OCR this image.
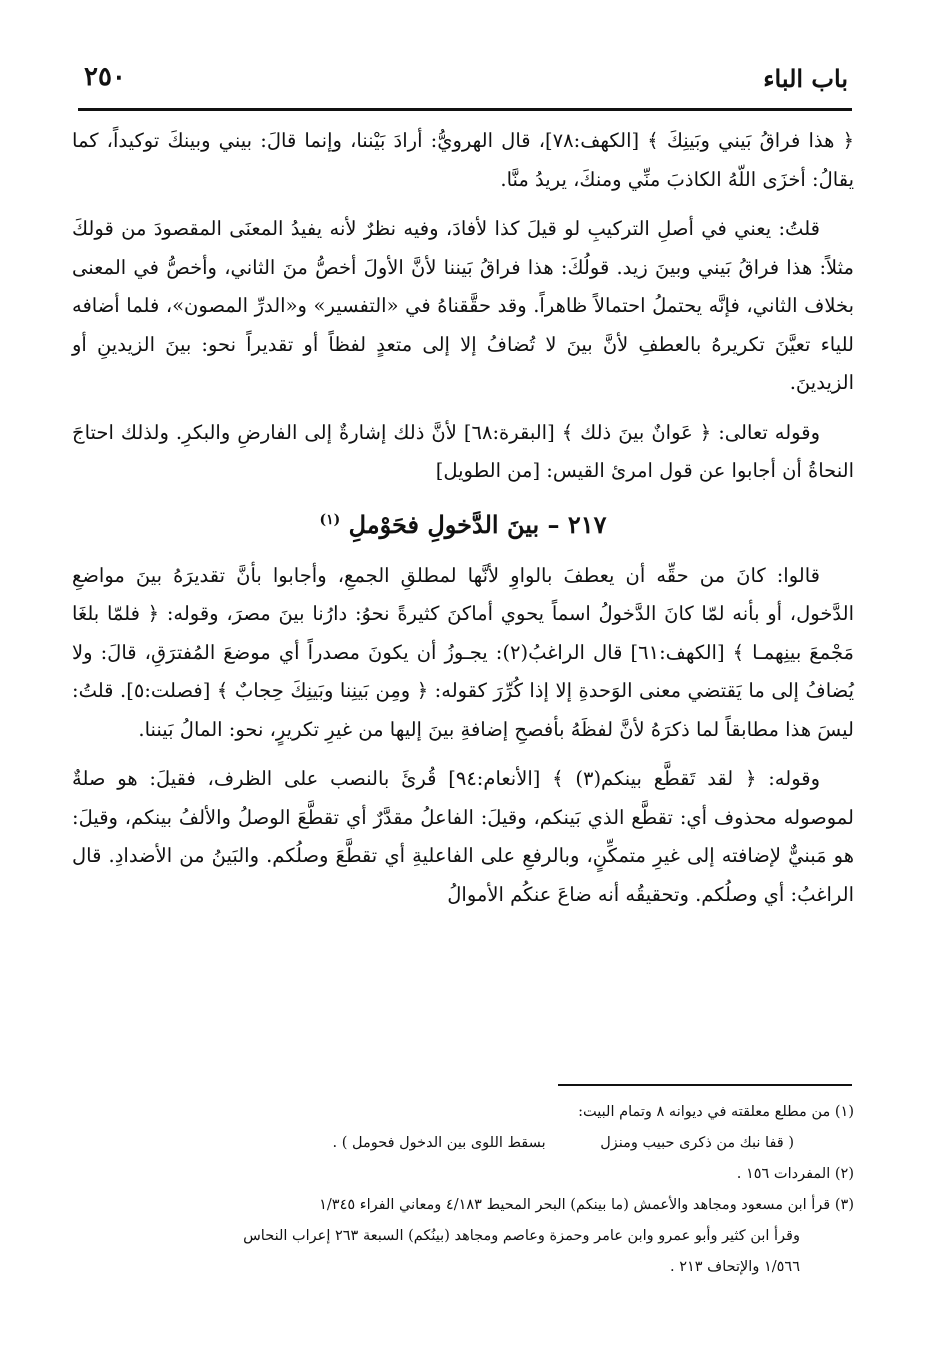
باب الباء
٢٥٠

﴿ هذا فراقُ بَيني وبَينِكَ ﴾ [الكهف:٧٨]، قال الهرويُّ: أرادَ بَيْننا، وإنما قالَ: بيني وبينكَ توكيداً، كما يقالُ: أخزَى اللّهُ الكاذبَ منِّي ومنكَ، يريدُ منَّا.

قلتُ: يعني في أصلِ التركيبِ لو قيلَ كذا لأفادَ، وفيه نظرٌ لأنه يفيدُ المعنَى المقصودَ من قولكَ مثلاً: هذا فراقُ بَيني وبينَ زيد. قولُكَ: هذا فراقُ بَيننا لأنَّ الأولَ أخصُّ منَ الثاني، وأخصُّ في المعنى بخلاف الثاني، فإنَّه يحتملُ احتمالاً ظاهراً. وقد حقَّقناهُ في «التفسير» و«الدرِّ المصون»، فلما أضافه للياء تعيَّنَ تكريرهُ بالعطفِ لأنَّ بينَ لا تُضافُ إلا إلى متعدٍ لفظاً أو تقديراً نحو: بينَ الزيدينِ أو الزيدينَ.

وقوله تعالى: ﴿ عَوانٌ بينَ ذلك ﴾ [البقرة:٦٨] لأنَّ ذلك إشارةٌ إلى الفارضِ والبكرِ. ولذلك احتاجَ النحاةُ أن أجابوا عن قول امرئ القيس: [من الطويل]

٢١٧ – بينَ الدَّخولِ فحَوْملِ $^{(١)}$

قالوا: كانَ من حقِّه أن يعطفَ بالواوِ لأنَّها لمطلقِ الجمعِ، وأجابوا بأنَّ تقديرَهُ بينَ مواضعِ الدَّخول، أو بأنه لمّا كانَ الدَّخولُ اسماً يحوي أماكنَ كثيرةً نحوُ: دارُنا بينَ مصرَ، وقوله: ﴿ فلمّا بلغَا مَجْمعَ بينِهمـا ﴾ [الكهف:٦١] قال الراغبُ(٢): يجـوزُ أن يكونَ مصدراً أي موضعَ المُفترَقِ، قالَ: ولا يُضافُ إلى ما يَقتضي معنى الوَحدةِ إلا إذا كُرِّرَ كقوله: ﴿ ومِن بَينِنا وبَينِكَ حِجابٌ ﴾ [فصلت:٥]. قلتُ: ليسَ هذا مطابقاً لما ذكرَهُ لأنَّ لفظَهُ بأفصحِ إضافةِ بينَ إليها من غيرِ تكريرٍ، نحو: المالُ بَيننا.

وقوله: ﴿ لقد تَقطَّع بينكم(٣) ﴾ [الأنعام:٩٤] قُرئَ بالنصب على الظرف، فقيلَ: هو صلةٌ لموصوله محذوف أي: تقطَّع الذي بَينكم، وقيلَ: الفاعلُ مقدَّرٌ أي تقطَّعَ الوصلُ والألفُ بينكم، وقيلَ: هو مَبنيٌّ لإضافته إلى غيرِ متمكِّنٍ، وبالرفعِ على الفاعليةِ أي تقطَّعَ وصلُكم. والبَينُ من الأضدادِ. قال الراغبُ: أي وصلُكم. وتحقيقُه أنه ضاعَ عنكُم الأموالُ

(١) من مطلع معلقته في ديوانه ٨ وتمام البيت:
( قفا نبك من ذكرى حبيب ومنزل بسقط اللوى بين الدخول فحومل ) .
(٢) المفردات ١٥٦ .
(٣) قرأ ابن مسعود ومجاهد والأعمش (ما بينكم) البحر المحيط ٤/١٨٣ ومعاني الفراء ١/٣٤٥
وقرأ ابن كثير وأبو عمرو وابن عامر وحمزة وعاصم ومجاهد (بينُكم) السبعة ٢٦٣ إعراب النحاس
١/٥٦٦ والإتحاف ٢١٣ .
